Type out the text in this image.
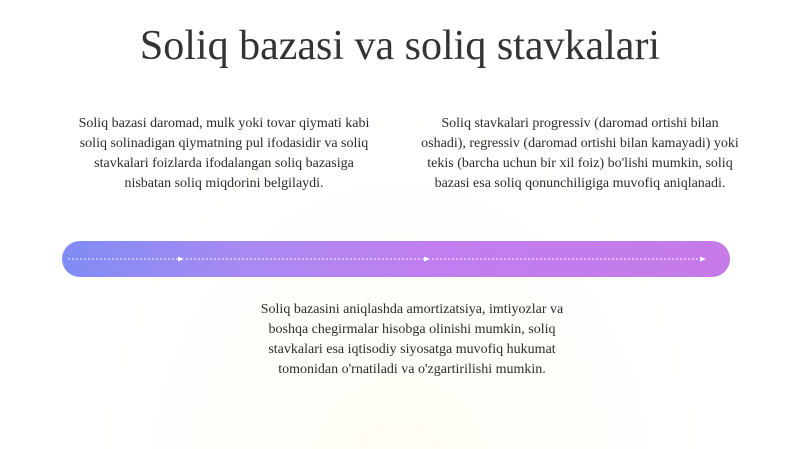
Soliq bazasi va soliq stavkalari
Soliq bazasi daromad, mulk yoki tovar qiymati kabi soliq solinadigan qiymatning pul ifodasidir va soliq stavkalari foizlarda ifodalangan soliq bazasiga nisbatan soliq miqdorini belgilaydi.
Soliq stavkalari progressiv (daromad ortishi bilan oshadi), regressiv (daromad ortishi bilan kamayadi) yoki tekis (barcha uchun bir xil foiz) bo'lishi mumkin, soliq bazasi esa soliq qonunchiligiga muvofiq aniqlanadi.
Soliq bazasini aniqlashda amortizatsiya, imtiyozlar va boshqa chegirmalar hisobga olinishi mumkin, soliq stavkalari esa iqtisodiy siyosatga muvofiq hukumat tomonidan o'rnatiladi va o'zgartirilishi mumkin.
